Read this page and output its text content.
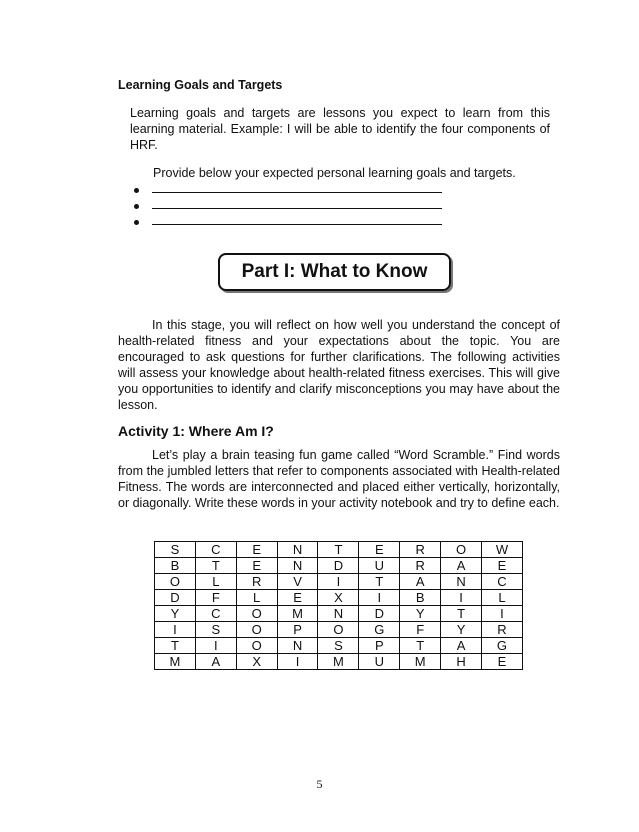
Learning Goals and Targets
Learning goals and targets are lessons you expect to learn from this learning material. Example: I will be able to identify the four components of HRF.
Provide below your expected personal learning goals and targets.
Part I: What to Know
In this stage, you will reflect on how well you understand the concept of health-related fitness and your expectations about the topic. You are encouraged to ask questions for further clarifications. The following activities will assess your knowledge about health-related fitness exercises. This will give you opportunities to identify and clarify misconceptions you may have about the lesson.
Activity 1: Where Am I?
Let’s play a brain teasing fun game called “Word Scramble.” Find words from the jumbled letters that refer to components associated with Health-related Fitness. The words are interconnected and placed either vertically, horizontally, or diagonally. Write these words in your activity notebook and try to define each.
S	C	E	N	T	E	R	O	W
B	T	E	N	D	U	R	A	E
O	L	R	V	I	T	A	N	C
D	F	L	E	X	I	B	I	L
Y	C	O	M	N	D	Y	T	I
I	S	O	P	O	G	F	Y	R
T	I	O	N	S	P	T	A	G
M	A	X	I	M	U	M	H	E
5
